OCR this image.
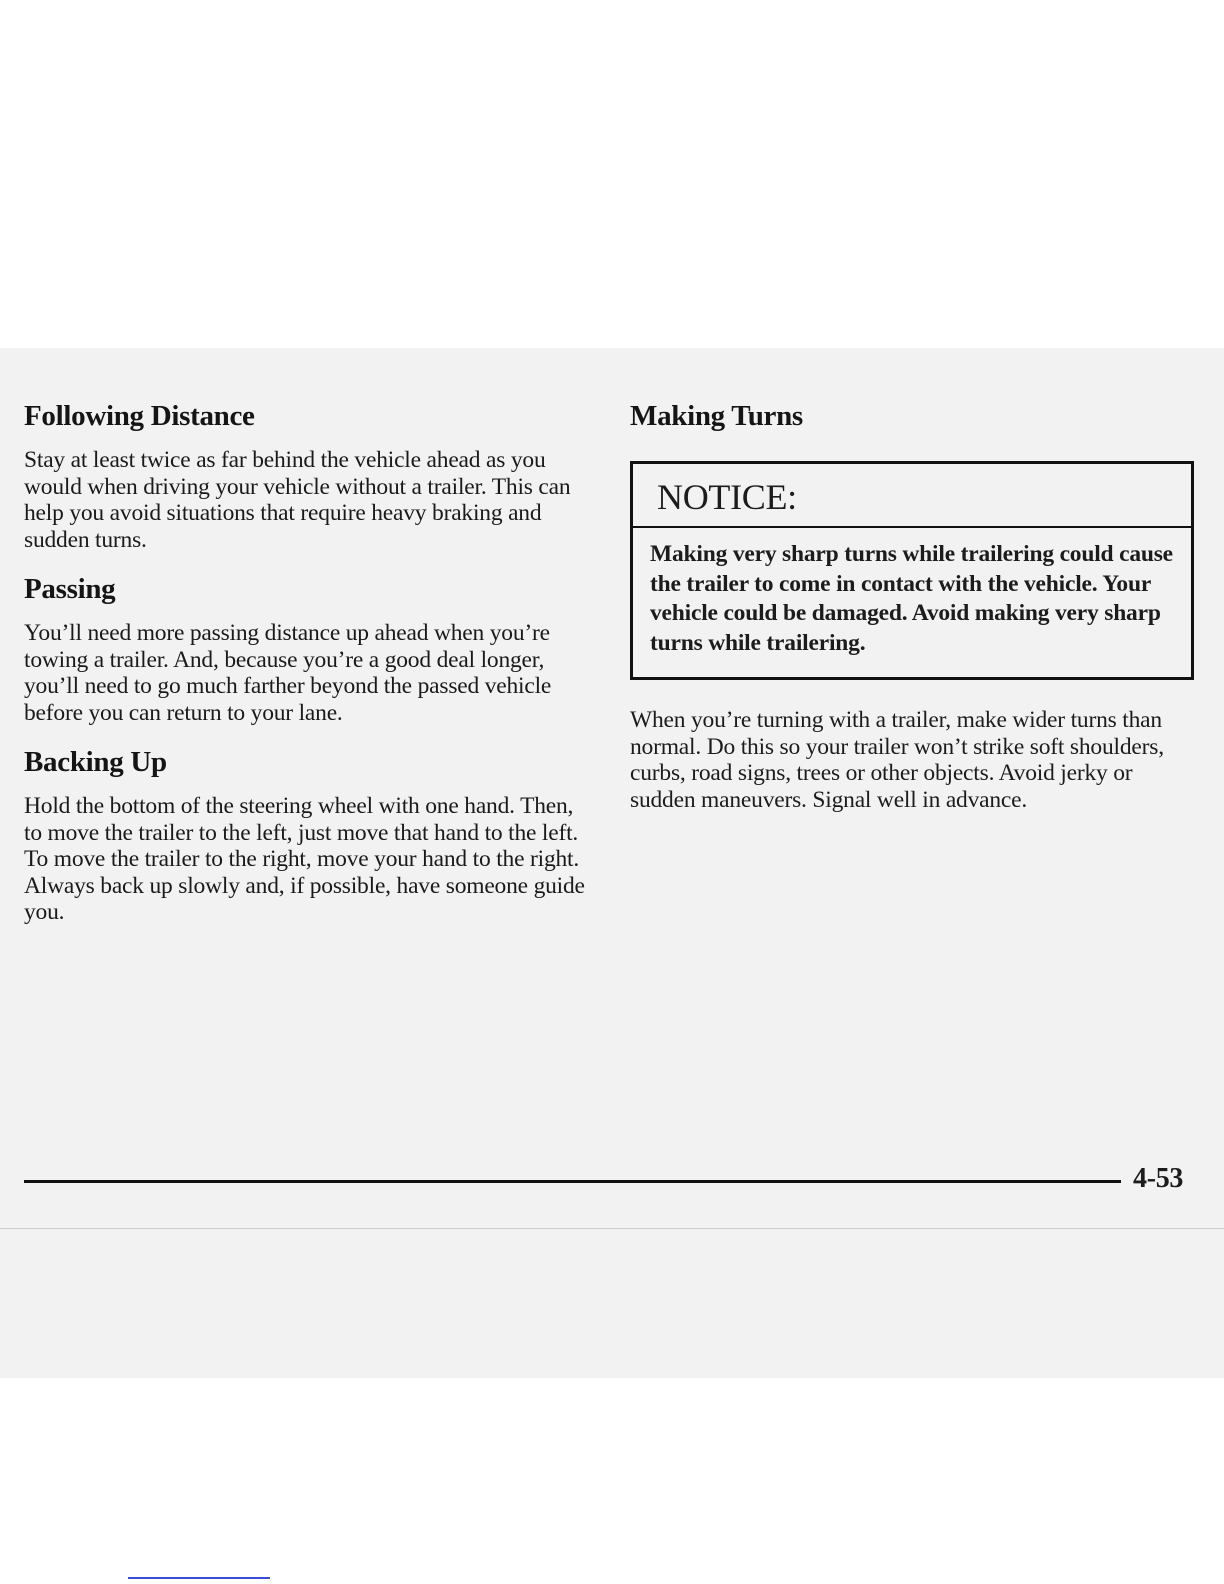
Following Distance

Stay at least twice as far behind the vehicle ahead as you would when driving your vehicle without a trailer. This can help you avoid situations that require heavy braking and sudden turns.

Passing

You’ll need more passing distance up ahead when you’re towing a trailer. And, because you’re a good deal longer, you’ll need to go much farther beyond the passed vehicle before you can return to your lane.

Backing Up

Hold the bottom of the steering wheel with one hand. Then, to move the trailer to the left, just move that hand to the left. To move the trailer to the right, move your hand to the right. Always back up slowly and, if possible, have someone guide you.

Making Turns
NOTICE:
Making very sharp turns while trailering could cause the trailer to come in contact with the vehicle. Your vehicle could be damaged. Avoid making very sharp turns while trailering.

When you’re turning with a trailer, make wider turns than normal. Do this so your trailer won’t strike soft shoulders, curbs, road signs, trees or other objects. Avoid jerky or sudden maneuvers. Signal well in advance.

4-53
